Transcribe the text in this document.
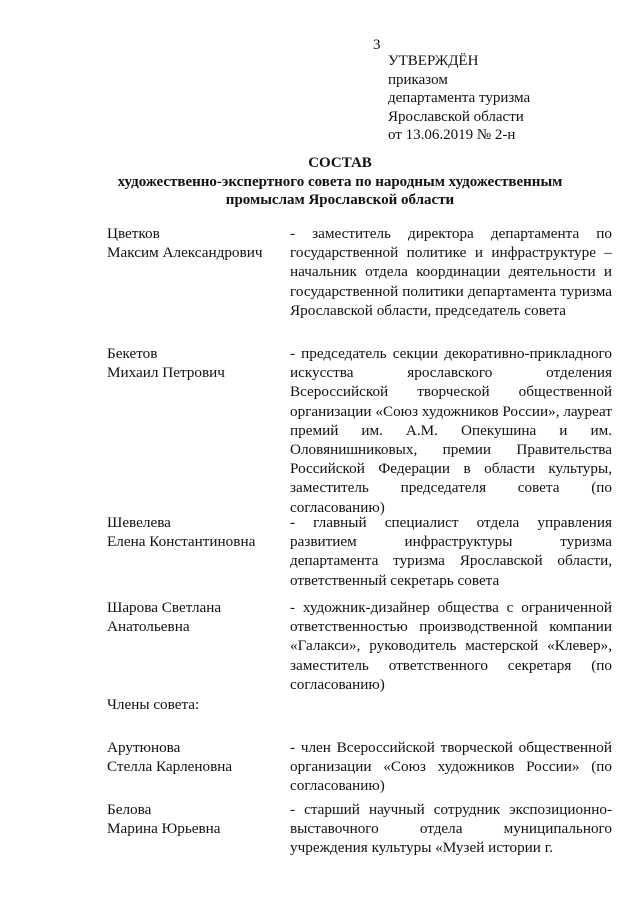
3
УТВЕРЖДЁН
приказом
департамента туризма
Ярославской области
от 13.06.2019 № 2-н
СОСТАВ
художественно-экспертного совета по народным художественным
промыслам Ярославской области
Цветков
Максим Александрович
- заместитель директора департамента по государственной политике и инфраструктуре – начальник отдела координации деятельности и государственной политики департамента туризма Ярославской области, председатель совета
Бекетов
Михаил Петрович
- председатель секции декоративно-прикладного искусства ярославского отделения Всероссийской творческой общественной организации «Союз художников России», лауреат премий им. А.М. Опекушина и им. Оловянишниковых, премии Правительства Российской Федерации в области культуры, заместитель председателя совета (по согласованию)
Шевелева
Елена Константиновна
- главный специалист отдела управления развитием инфраструктуры туризма департамента туризма Ярославской области, ответственный секретарь совета
Шарова Светлана
Анатольевна
- художник-дизайнер общества с ограниченной ответственностью производственной компании «Галакси», руководитель мастерской «Клевер», заместитель ответственного секретаря (по согласованию)
Члены совета:
Арутюнова
Стелла Карленовна
- член Всероссийской творческой общественной организации «Союз художников России» (по согласованию)
Белова
Марина Юрьевна
- старший научный сотрудник экспозиционно-выставочного отдела муниципального учреждения культуры «Музей истории г.
